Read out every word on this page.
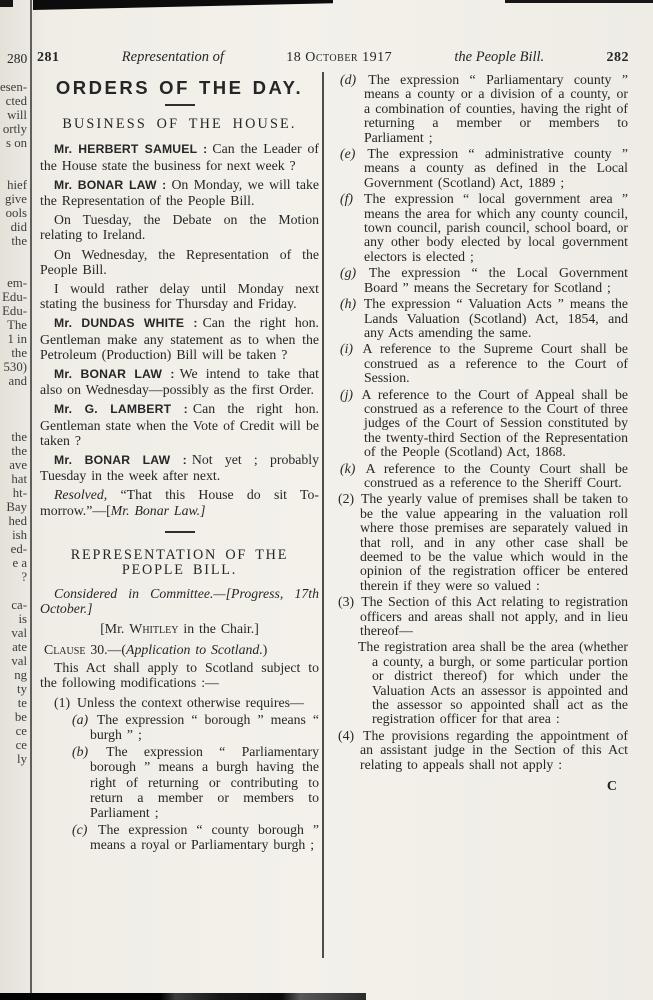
esen-
cted
will
ortly
s on
hief
give
ools
did
the
em-
Edu-
Edu-
The
1 in
the
530)
and
the
the
ave
hat
ht-
Bay
hed
ish
ed-
e a
?
ca-
is
val
ate
val
ng
ty
te
be
ce
ce
ly
280 281	Representation of	18 October 1917	the People Bill.	282
ORDERS OF THE DAY.
BUSINESS OF THE HOUSE.

Mr. HERBERT SAMUEL : Can the Leader of the House state the business for next week ?

Mr. BONAR LAW : On Monday, we will take the Representation of the People Bill.

On Tuesday, the Debate on the Motion relating to Ireland.

On Wednesday, the Representation of the People Bill.

I would rather delay until Monday next stating the business for Thursday and Friday.

Mr. DUNDAS WHITE : Can the right hon. Gentleman make any statement as to when the Petroleum (Production) Bill will be taken ?

Mr. BONAR LAW : We intend to take that also on Wednesday—possibly as the first Order.

Mr. G. LAMBERT : Can the right hon. Gentleman state when the Vote of Credit will be taken ?

Mr. BONAR LAW : Not yet ; probably Tuesday in the week after next.

Resolved, “That this House do sit To-morrow.”—[Mr. Bonar Law.]

REPRESENTATION OF THE
PEOPLE BILL.

Considered in Committee.—[Progress, 17th October.]

[Mr. Whitley in the Chair.]

Clause 30.—(Application to Scotland.)

This Act shall apply to Scotland subject to the following modifications :—

(1) Unless the context otherwise requires—

(a) The expression “ borough ” means “ burgh ” ;

(b) The expression “ Parliamentary borough ” means a burgh having the right of returning or contributing to return a member or members to Parliament ;

(c) The expression “ county borough ” means a royal or Parliamentary burgh ;

(d) The expression “ Parliamentary county ” means a county or a division of a county, or a combination of counties, having the right of returning a member or members to Parliament ;

(e) The expression “ administrative county ” means a county as defined in the Local Government (Scotland) Act, 1889 ;

(f) The expression “ local government area ” means the area for which any county council, town council, parish council, school board, or any other body elected by local government electors is elected ;

(g) The expression “ the Local Government Board ” means the Secretary for Scotland ;

(h) The expression “ Valuation Acts ” means the Lands Valuation (Scotland) Act, 1854, and any Acts amending the same.

(i) A reference to the Supreme Court shall be construed as a reference to the Court of Session.

(j) A reference to the Court of Appeal shall be construed as a reference to the Court of three judges of the Court of Session constituted by the twenty-third Section of the Representation of the People (Scotland) Act, 1868.

(k) A reference to the County Court shall be construed as a reference to the Sheriff Court.

(2) The yearly value of premises shall be taken to be the value appearing in the valuation roll where those premises are separately valued in that roll, and in any other case shall be deemed to be the value which would in the opinion of the registration officer be entered therein if they were so valued :

(3) The Section of this Act relating to registration officers and areas shall not apply, and in lieu thereof—

The registration area shall be the area (whether a county, a burgh, or some particular portion or district thereof) for which under the Valuation Acts an assessor is appointed and the assessor so appointed shall act as the registration officer for that area :

(4) The provisions regarding the appointment of an assistant judge in the Section of this Act relating to appeals shall not apply :

C
